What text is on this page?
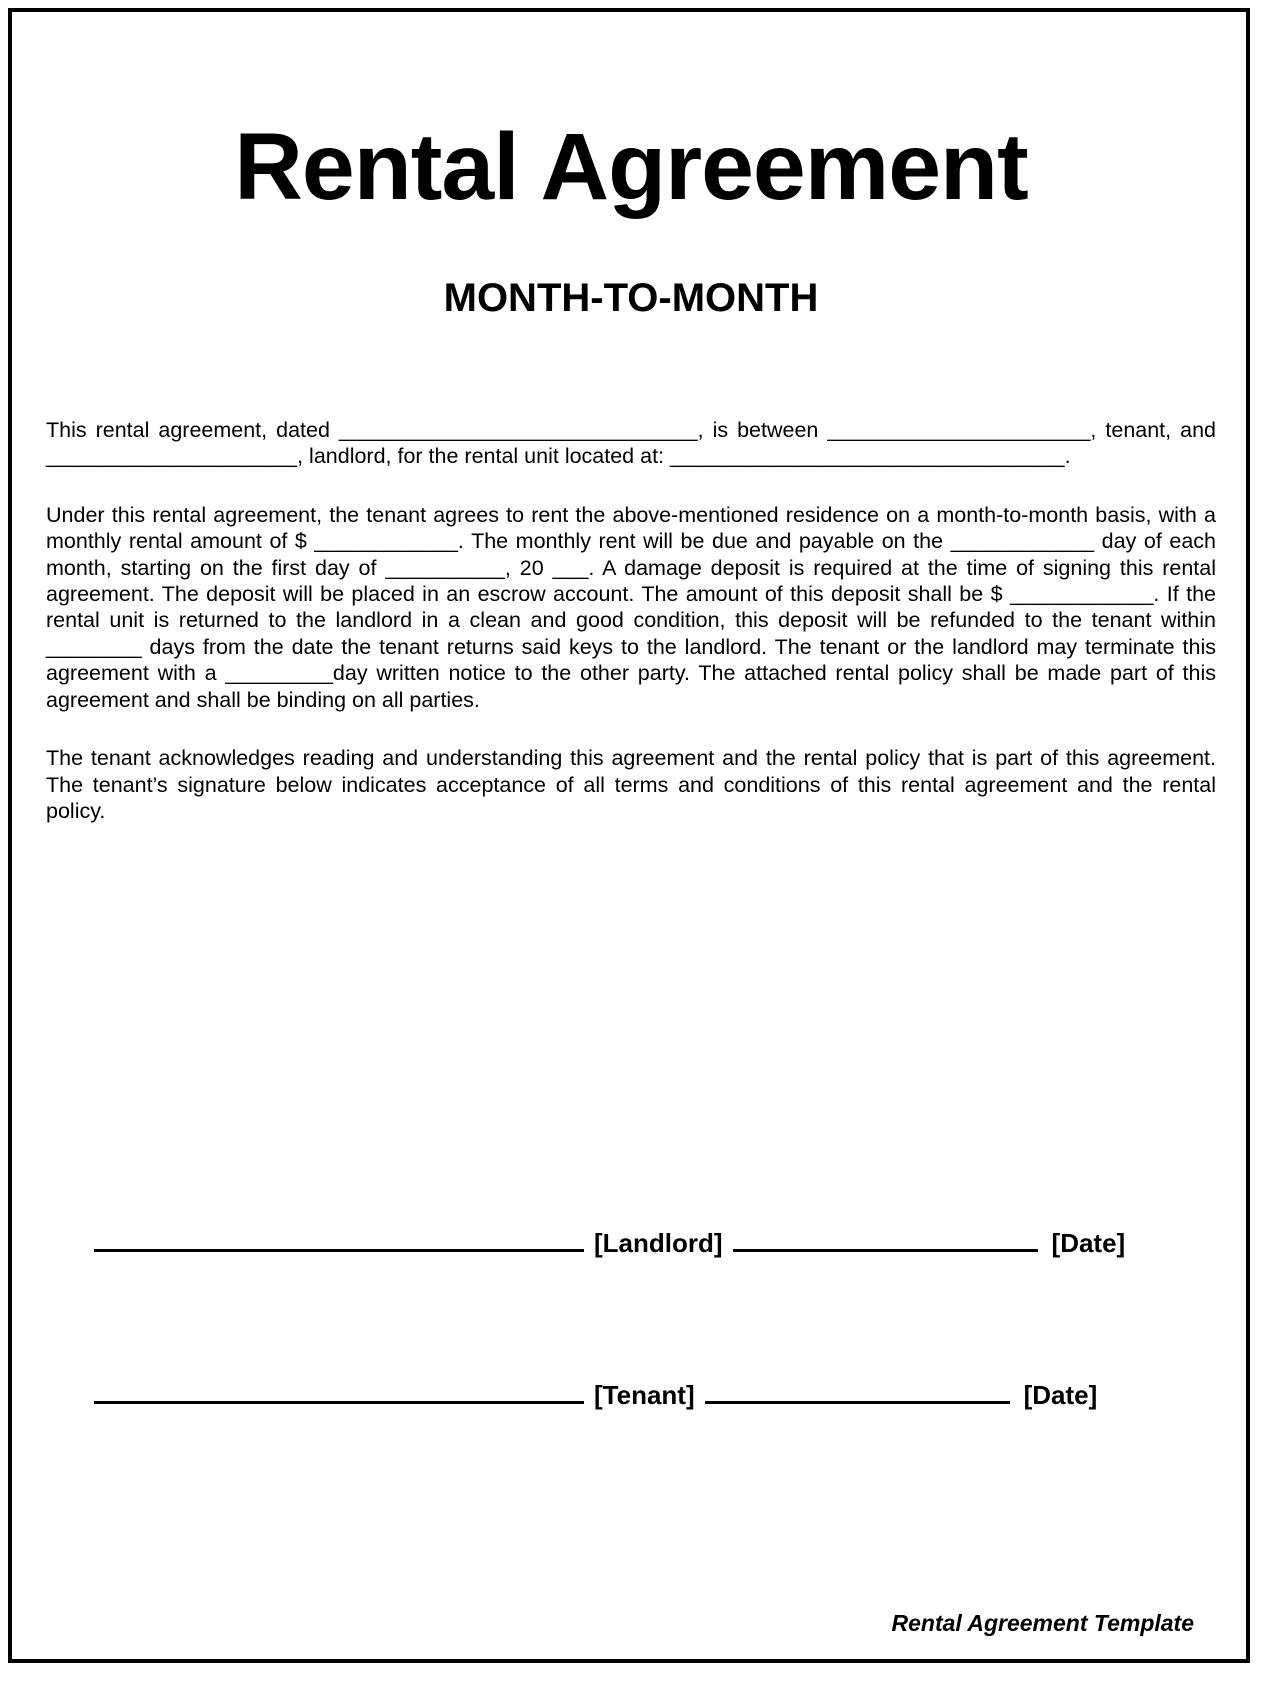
Rental Agreement
MONTH-TO-MONTH

This rental agreement, dated ______________________________, is between ______________________, tenant, and _____________________, landlord, for the rental unit located at: _________________________________.

Under this rental agreement, the tenant agrees to rent the above-mentioned residence on a month-to-month basis, with a monthly rental amount of $ ____________. The monthly rent will be due and payable on the ____________ day of each month, starting on the first day of __________, 20 ___. A damage deposit is required at the time of signing this rental agreement. The deposit will be placed in an escrow account. The amount of this deposit shall be $ ____________. If the rental unit is returned to the landlord in a clean and good condition, this deposit will be refunded to the tenant within ________ days from the date the tenant returns said keys to the landlord. The tenant or the landlord may terminate this agreement with a _________day written notice to the other party. The attached rental policy shall be made part of this agreement and shall be binding on all parties.

The tenant acknowledges reading and understanding this agreement and the rental policy that is part of this agreement. The tenant’s signature below indicates acceptance of all terms and conditions of this rental agreement and the rental policy.

[Landlord]	[Date]
[Tenant]	[Date]
Rental Agreement Template
